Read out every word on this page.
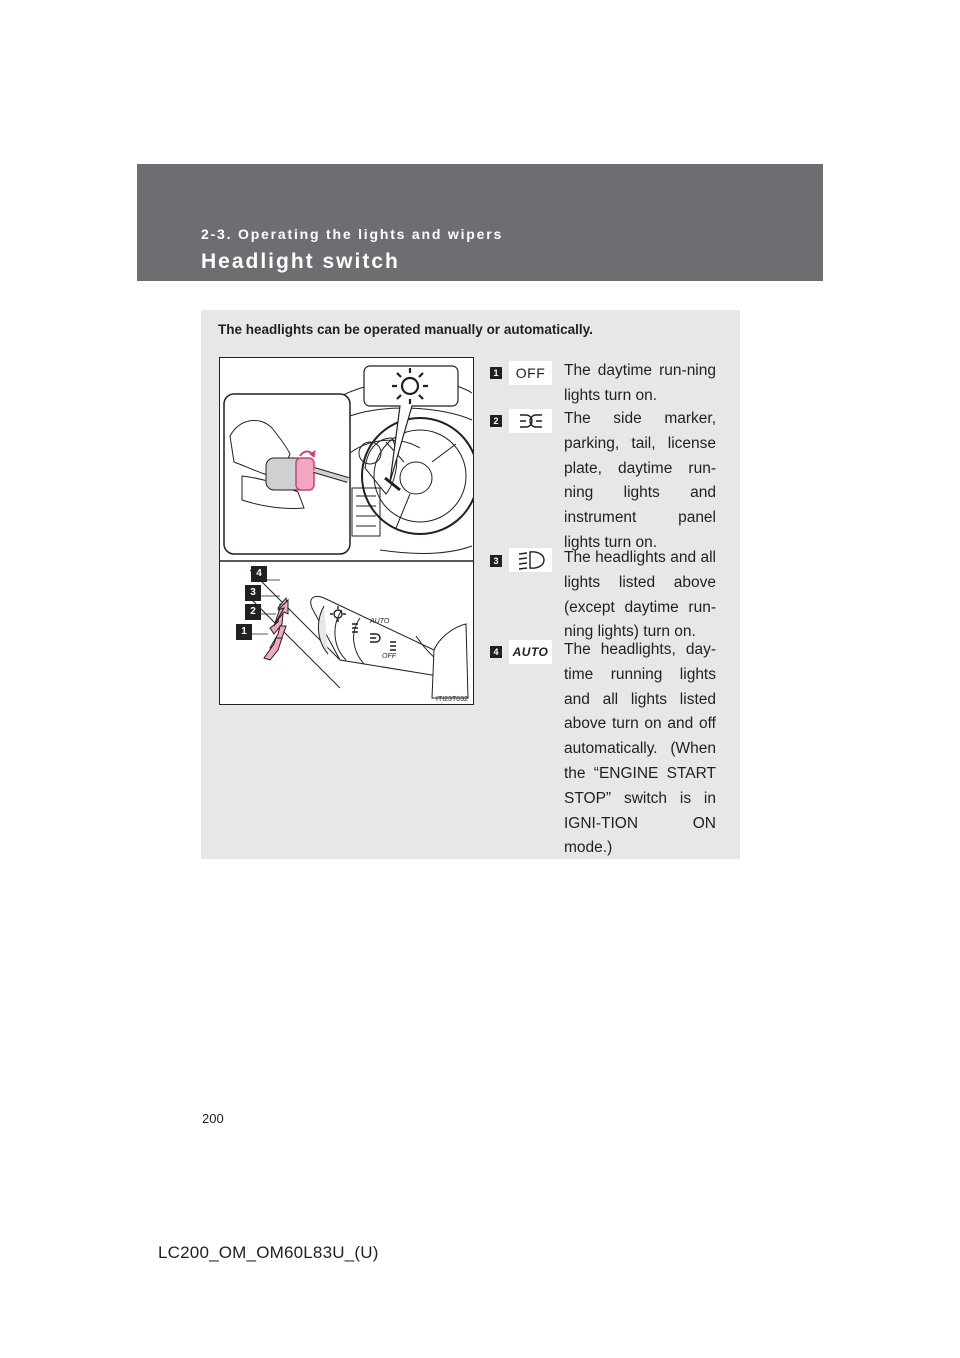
2-3. Operating the lights and wipers
Headlight switch
The headlights can be operated manually or automatically.
AUTO
OFF
ITI23T032
4
3
2
1
1 OFF The daytime run-ning lights turn on.
2	The side marker, parking, tail, license plate, daytime run-ning lights and instrument panel lights turn on.
3	The headlights and all lights listed above (except daytime run-ning lights) turn on.
4 AUTO The headlights, day-time running lights and all lights listed above turn on and off automatically. (When the “ENGINE START STOP” switch is in IGNI-TION ON mode.)
200
LC200_OM_OM60L83U_(U)
